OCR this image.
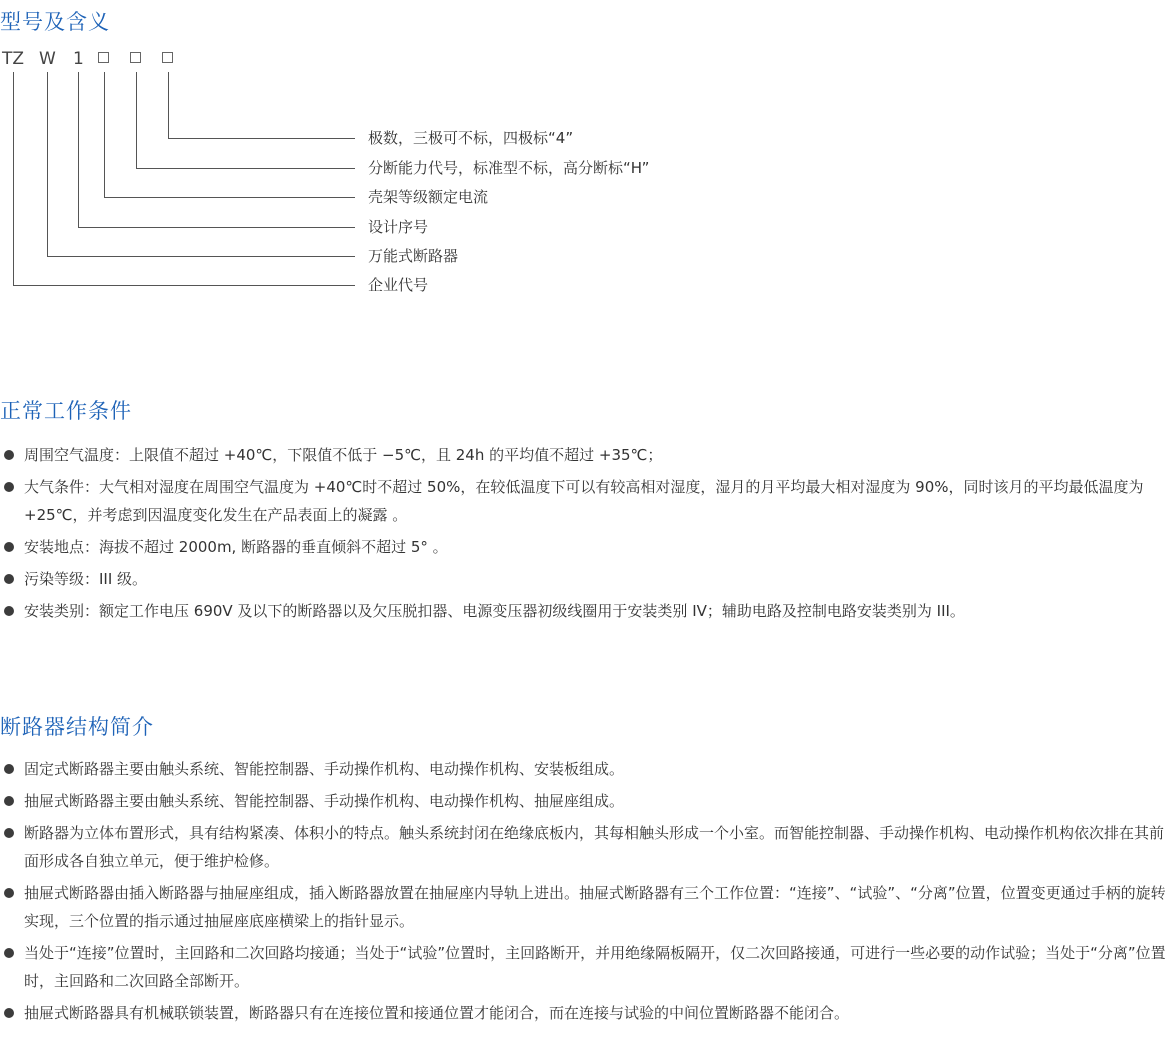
型号及含义
TZ W 1
极数，三极可不标，四极标“4”
分断能力代号，标准型不标，高分断标“H”
壳架等级额定电流
设计序号
万能式断路器
企业代号
正常工作条件
周围空气温度：上限值不超过 +40℃，下限值不低于 −5℃，且 24h 的平均值不超过 +35℃；
大气条件：大气相对湿度在周围空气温度为 +40℃时不超过 50%，在较低温度下可以有较高相对湿度，湿月的月平均最大相对湿度为 90%，同时该月的平均最低温度为 +25℃，并考虑到因温度变化发生在产品表面上的凝露 。
安装地点：海拔不超过 2000m, 断路器的垂直倾斜不超过 5° 。
污染等级：III 级。
安装类别：额定工作电压 690V 及以下的断路器以及欠压脱扣器、电源变压器初级线圈用于安装类别 IV；辅助电路及控制电路安装类别为 III。
断路器结构简介
固定式断路器主要由触头系统、智能控制器、手动操作机构、电动操作机构、安装板组成。
抽屉式断路器主要由触头系统、智能控制器、手动操作机构、电动操作机构、抽屉座组成。
断路器为立体布置形式，具有结构紧凑、体积小的特点。触头系统封闭在绝缘底板内，其每相触头形成一个小室。而智能控制器、手动操作机构、电动操作机构依次排在其前面形成各自独立单元，便于维护检修。
抽屉式断路器由插入断路器与抽屉座组成，插入断路器放置在抽屉座内导轨上进出。抽屉式断路器有三个工作位置：“连接”、“试验”、“分离”位置，位置变更通过手柄的旋转实现，三个位置的指示通过抽屉座底座横梁上的指针显示。
当处于“连接”位置时，主回路和二次回路均接通；当处于“试验”位置时，主回路断开，并用绝缘隔板隔开，仅二次回路接通，可进行一些必要的动作试验；当处于“分离”位置时，主回路和二次回路全部断开。
抽屉式断路器具有机械联锁装置，断路器只有在连接位置和接通位置才能闭合，而在连接与试验的中间位置断路器不能闭合。
